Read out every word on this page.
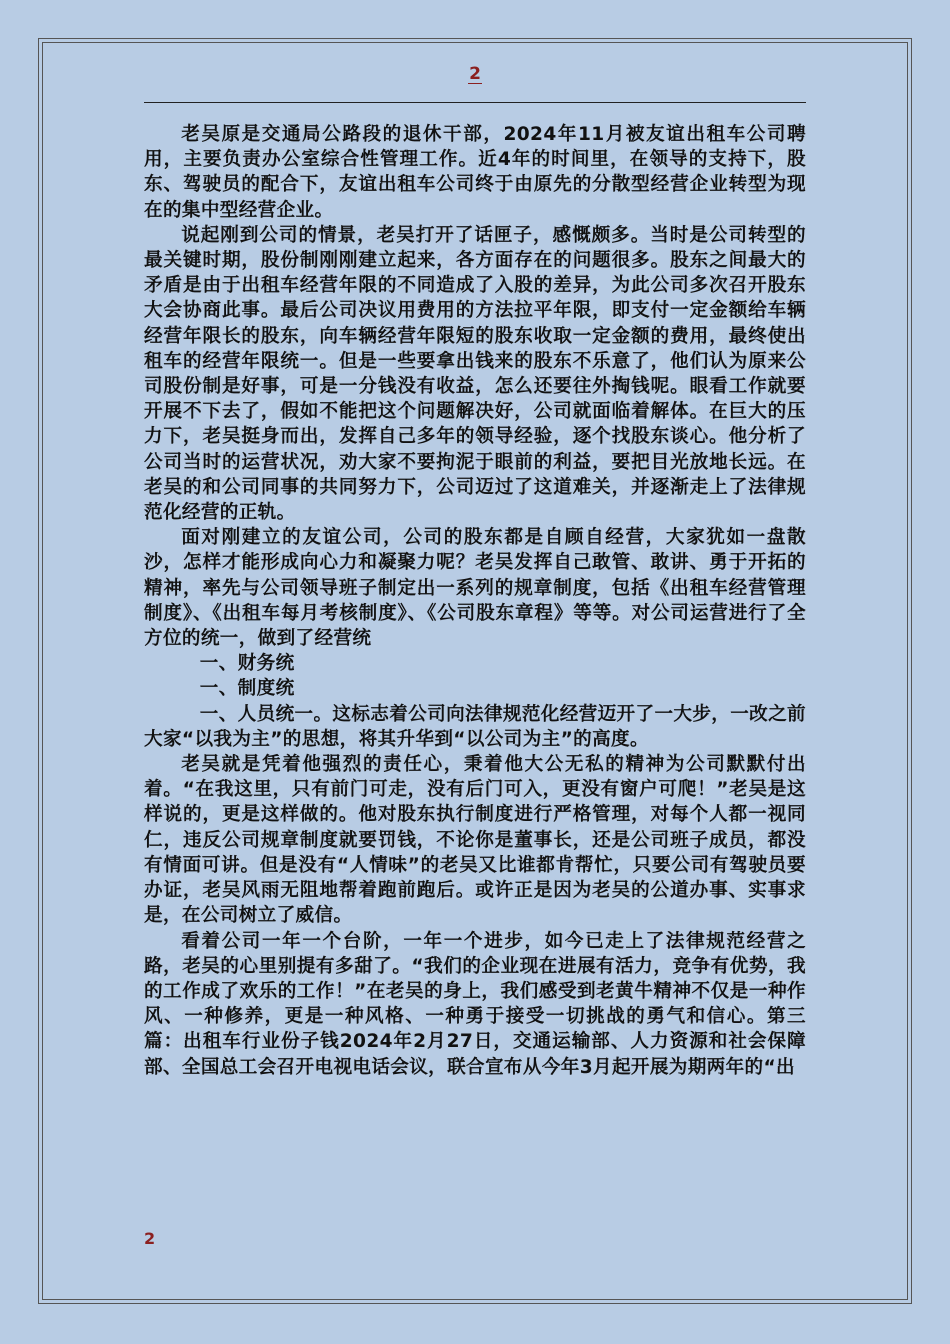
2

老吴原是交通局公路段的退休干部，2024年11月被友谊出租车公司聘用，主要负责办公室综合性管理工作。近4年的时间里，在领导的支持下，股东、驾驶员的配合下，友谊出租车公司终于由原先的分散型经营企业转型为现在的集中型经营企业。

说起刚到公司的情景，老吴打开了话匣子，感慨颇多。当时是公司转型的最关键时期，股份制刚刚建立起来，各方面存在的问题很多。股东之间最大的矛盾是由于出租车经营年限的不同造成了入股的差异，为此公司多次召开股东大会协商此事。最后公司决议用费用的方法拉平年限，即支付一定金额给车辆经营年限长的股东，向车辆经营年限短的股东收取一定金额的费用，最终使出租车的经营年限统一。但是一些要拿出钱来的股东不乐意了，他们认为原来公司股份制是好事，可是一分钱没有收益，怎么还要往外掏钱呢。眼看工作就要开展不下去了，假如不能把这个问题解决好，公司就面临着解体。在巨大的压力下，老吴挺身而出，发挥自己多年的领导经验，逐个找股东谈心。他分析了公司当时的运营状况，劝大家不要拘泥于眼前的利益，要把目光放地长远。在老吴的和公司同事的共同努力下，公司迈过了这道难关，并逐渐走上了法律规范化经营的正轨。

面对刚建立的友谊公司，公司的股东都是自顾自经营，大家犹如一盘散沙，怎样才能形成向心力和凝聚力呢？老吴发挥自己敢管、敢讲、勇于开拓的精神，率先与公司领导班子制定出一系列的规章制度，包括《出租车经营管理制度》、《出租车每月考核制度》、《公司股东章程》等等。对公司运营进行了全方位的统一，做到了经营统

一、财务统

一、制度统

一、人员统一。这标志着公司向法律规范化经营迈开了一大步，一改之前大家“以我为主”的思想，将其升华到“以公司为主”的高度。

老吴就是凭着他强烈的责任心，秉着他大公无私的精神为公司默默付出着。“在我这里，只有前门可走，没有后门可入，更没有窗户可爬！”老吴是这样说的，更是这样做的。他对股东执行制度进行严格管理，对每个人都一视同仁，违反公司规章制度就要罚钱，不论你是董事长，还是公司班子成员，都没有情面可讲。但是没有“人情味”的老吴又比谁都肯帮忙，只要公司有驾驶员要办证，老吴风雨无阻地帮着跑前跑后。或许正是因为老吴的公道办事、实事求是，在公司树立了威信。

看着公司一年一个台阶，一年一个进步，如今已走上了法律规范经营之路，老吴的心里别提有多甜了。“我们的企业现在进展有活力，竞争有优势，我的工作成了欢乐的工作！”在老吴的身上，我们感受到老黄牛精神不仅是一种作风、一种修养，更是一种风格、一种勇于接受一切挑战的勇气和信心。第三篇：出租车行业份子钱2024年2月27日，交通运输部、人力资源和社会保障部、全国总工会召开电视电话会议，联合宣布从今年3月起开展为期两年的“出

2
